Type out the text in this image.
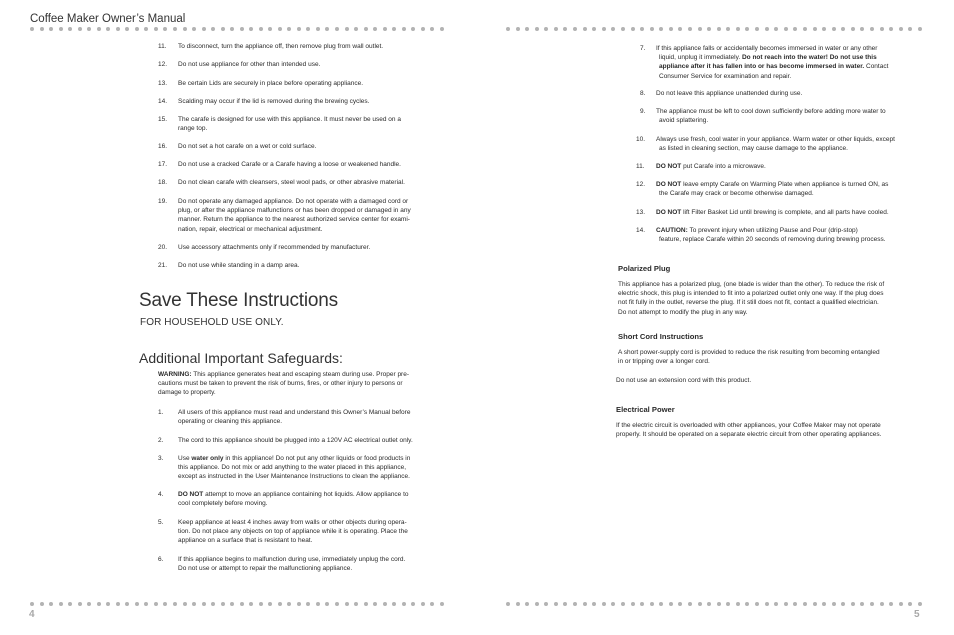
Coffee Maker Owner’s Manual
11. To disconnect, turn the appliance off, then remove plug from wall outlet.
12. Do not use appliance for other than intended use.
13. Be certain Lids are securely in place before operating appliance.
14. Scalding may occur if the lid is removed during the brewing cycles.
15. The carafe is designed for use with this appliance. It must never be used on a
range top.
16. Do not set a hot carafe on a wet or cold surface.
17. Do not use a cracked Carafe or a Carafe having a loose or weakened handle.
18. Do not clean carafe with cleansers, steel wool pads, or other abrasive material.
19. Do not operate any damaged appliance. Do not operate with a damaged cord or
plug, or after the appliance malfunctions or has been dropped or damaged in any
manner. Return the appliance to the nearest authorized service center for exami-
nation, repair, electrical or mechanical adjustment.
20. Use accessory attachments only if recommended by manufacturer.
21. Do not use while standing in a damp area.
Save These Instructions
FOR HOUSEHOLD USE ONLY.
Additional Important Safeguards:
WARNING: This appliance generates heat and escaping steam during use. Proper pre-
cautions must be taken to prevent the risk of burns, fires, or other injury to persons or
damage to property.
1. All users of this appliance must read and understand this Owner’s Manual before
operating or cleaning this appliance.
2. The cord to this appliance should be plugged into a 120V AC electrical outlet only.
3. Use water only in this appliance! Do not put any other liquids or food products in
this appliance. Do not mix or add anything to the water placed in this appliance,
except as instructed in the User Maintenance Instructions to clean the appliance.
4. DO NOT attempt to move an appliance containing hot liquids. Allow appliance to
cool completely before moving.
5. Keep appliance at least 4 inches away from walls or other objects during opera-
tion. Do not place any objects on top of appliance while it is operating. Place the
appliance on a surface that is resistant to heat.
6. If this appliance begins to malfunction during use, immediately unplug the cord.
Do not use or attempt to repair the malfunctioning appliance.
7. If this appliance falls or accidentally becomes immersed in water or any other
liquid, unplug it immediately. Do not reach into the water! Do not use this
appliance after it has fallen into or has become immersed in water. Contact
Consumer Service for examination and repair.
8. Do not leave this appliance unattended during use.
9. The appliance must be left to cool down sufficiently before adding more water to
avoid splattering.
10. Always use fresh, cool water in your appliance. Warm water or other liquids, except
as listed in cleaning section, may cause damage to the appliance.
11. DO NOT put Carafe into a microwave.
12. DO NOT leave empty Carafe on Warming Plate when appliance is turned ON, as
the Carafe may crack or become otherwise damaged.
13. DO NOT lift Filter Basket Lid until brewing is complete, and all parts have cooled.
14. CAUTION: To prevent injury when utilizing Pause and Pour (drip-stop)
feature, replace Carafe within 20 seconds of removing during brewing process.
Polarized Plug
This appliance has a polarized plug, (one blade is wider than the other). To reduce the risk of
electric shock, this plug is intended to fit into a polarized outlet only one way. If the plug does
not fit fully in the outlet, reverse the plug. If it still does not fit, contact a qualified electrician.
Do not attempt to modify the plug in any way.
Short Cord Instructions
A short power-supply cord is provided to reduce the risk resulting from becoming entangled
in or tripping over a longer cord.
Do not use an extension cord with this product.
Electrical Power
If the electric circuit is overloaded with other appliances, your Coffee Maker may not operate
properly. It should be operated on a separate electric circuit from other operating appliances.
4	5
